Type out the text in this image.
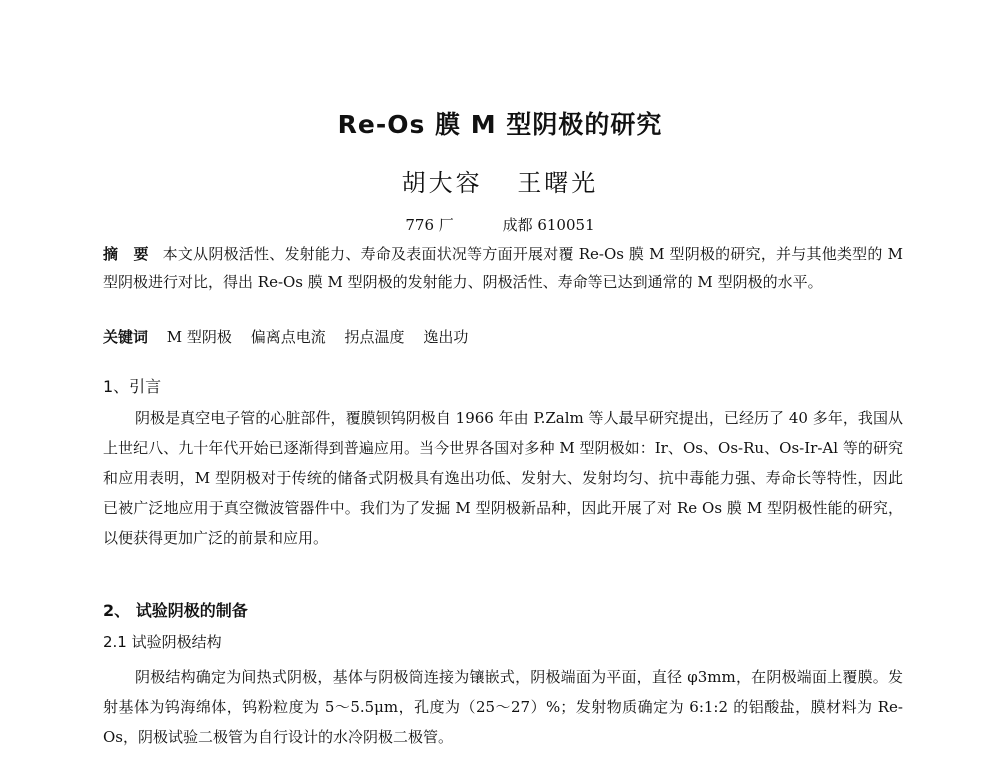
Re-Os 膜 M 型阴极的研究
胡大容 王曙光
776 厂	成都 610051
摘　要 本文从阴极活性、发射能力、寿命及表面状况等方面开展对覆 Re-Os 膜 M 型阴极的研究，并与其他类型的 M 型阴极进行对比，得出 Re-Os 膜 M 型阴极的发射能力、阴极活性、寿命等已达到通常的 M 型阴极的水平。
关键词 M 型阴极 偏离点电流 拐点温度 逸出功
1、引言
阴极是真空电子管的心脏部件，覆膜钡钨阴极自 1966 年由 P.Zalm 等人最早研究提出，已经历了 40 多年，我国从上世纪八、九十年代开始已逐渐得到普遍应用。当今世界各国对多种 M 型阴极如：Ir、Os、Os-Ru、Os-Ir-Al 等的研究和应用表明，M 型阴极对于传统的储备式阴极具有逸出功低、发射大、发射均匀、抗中毒能力强、寿命长等特性，因此已被广泛地应用于真空微波管器件中。我们为了发掘 M 型阴极新品种，因此开展了对 Re Os 膜 M 型阴极性能的研究，以便获得更加广泛的前景和应用。
2、 试验阴极的制备
2.1 试验阴极结构
阴极结构确定为间热式阴极，基体与阴极筒连接为镶嵌式，阴极端面为平面，直径 φ3mm，在阴极端面上覆膜。发射基体为钨海绵体，钨粉粒度为 5～5.5μm，孔度为（25～27）%；发射物质确定为 6:1:2 的铝酸盐，膜材料为 Re-Os，阴极试验二极管为自行设计的水冷阴极二极管。
